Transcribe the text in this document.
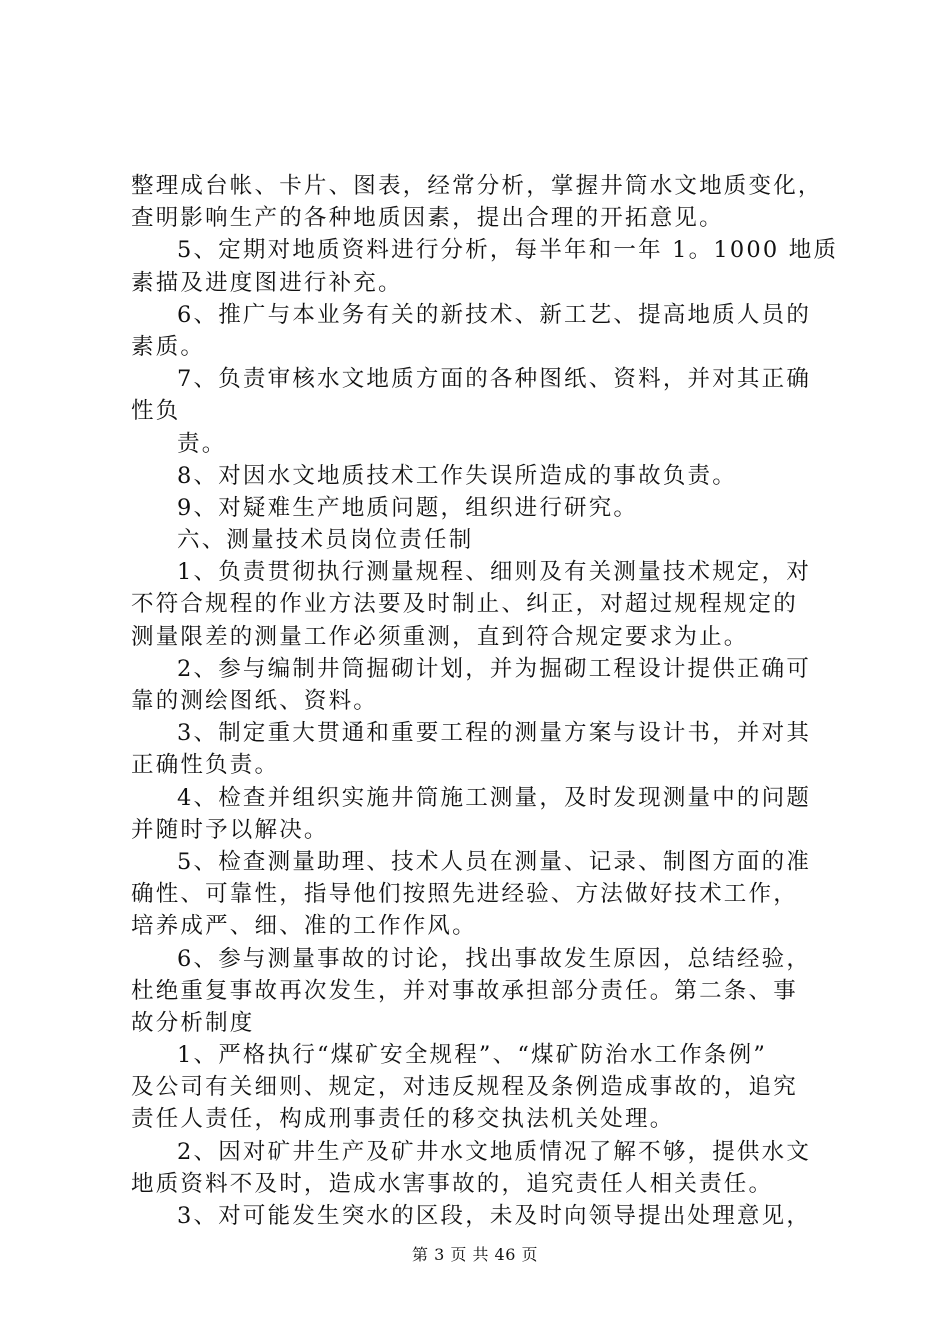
整理成台帐、卡片、图表，经常分析，掌握井筒水文地质变化，
查明影响生产的各种地质因素，提出合理的开拓意见。
5、定期对地质资料进行分析，每半年和一年 1。1000 地质
素描及进度图进行补充。
6、推广与本业务有关的新技术、新工艺、提高地质人员的
素质。
7、负责审核水文地质方面的各种图纸、资料，并对其正确
性负
责。
8、对因水文地质技术工作失误所造成的事故负责。
9、对疑难生产地质问题，组织进行研究。
六、测量技术员岗位责任制
1、负责贯彻执行测量规程、细则及有关测量技术规定，对
不符合规程的作业方法要及时制止、纠正，对超过规程规定的
测量限差的测量工作必须重测，直到符合规定要求为止。
2、参与编制井筒掘砌计划，并为掘砌工程设计提供正确可
靠的测绘图纸、资料。
3、制定重大贯通和重要工程的测量方案与设计书，并对其
正确性负责。
4、检查并组织实施井筒施工测量，及时发现测量中的问题
并随时予以解决。
5、检查测量助理、技术人员在测量、记录、制图方面的准
确性、可靠性，指导他们按照先进经验、方法做好技术工作，
培养成严、细、准的工作作风。
6、参与测量事故的讨论，找出事故发生原因，总结经验，
杜绝重复事故再次发生，并对事故承担部分责任。第二条、事
故分析制度
1、严格执行“煤矿安全规程”、“煤矿防治水工作条例”
及公司有关细则、规定，对违反规程及条例造成事故的，追究
责任人责任，构成刑事责任的移交执法机关处理。
2、因对矿井生产及矿井水文地质情况了解不够，提供水文
地质资料不及时，造成水害事故的，追究责任人相关责任。
3、对可能发生突水的区段，未及时向领导提出处理意见，
第 3 页 共 46 页
